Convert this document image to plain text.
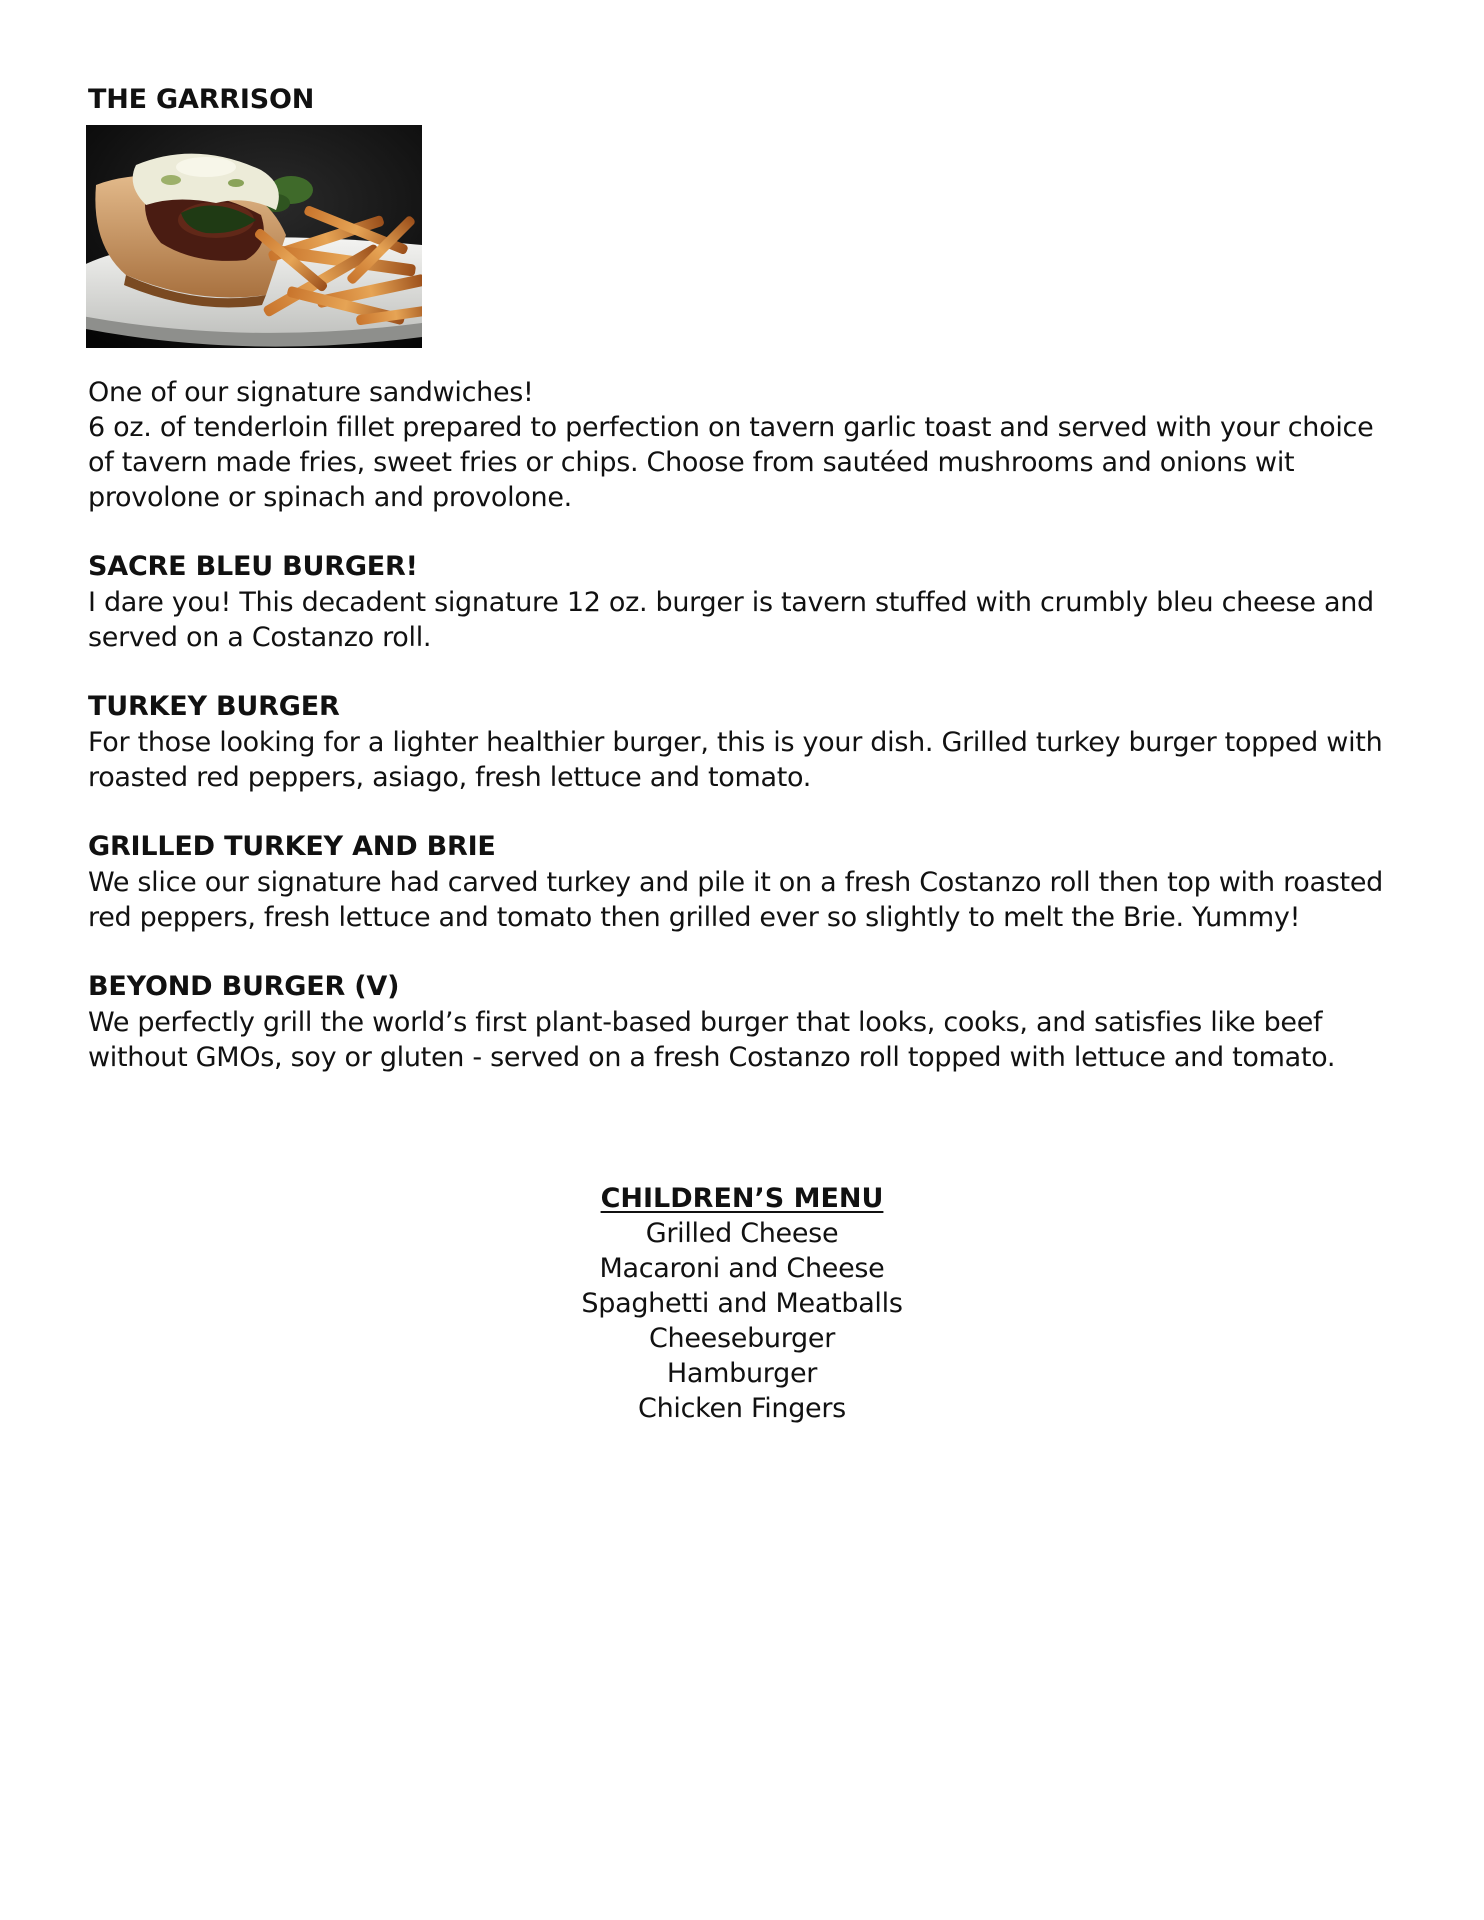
THE GARRISON

One of our signature sandwiches!

6 oz. of tenderloin fillet prepared to perfection on tavern garlic toast and served with your choice of tavern made fries, sweet fries or chips. Choose from sautéed mushrooms and onions wit provolone or spinach and provolone.

SACRE BLEU BURGER!

I dare you! This decadent signature 12 oz. burger is tavern stuffed with crumbly bleu cheese and served on a Costanzo roll.

TURKEY BURGER

For those looking for a lighter healthier burger, this is your dish. Grilled turkey burger topped with roasted red peppers, asiago, fresh lettuce and tomato.

GRILLED TURKEY AND BRIE

We slice our signature had carved turkey and pile it on a fresh Costanzo roll then top with roasted red peppers, fresh lettuce and tomato then grilled ever so slightly to melt the Brie. Yummy!

BEYOND BURGER (V)

We perfectly grill the world’s first plant-based burger that looks, cooks, and satisfies like beef without GMOs, soy or gluten - served on a fresh Costanzo roll topped with lettuce and tomato.

CHILDREN’S MENU
Grilled Cheese
Macaroni and Cheese
Spaghetti and Meatballs
Cheeseburger
Hamburger
Chicken Fingers
